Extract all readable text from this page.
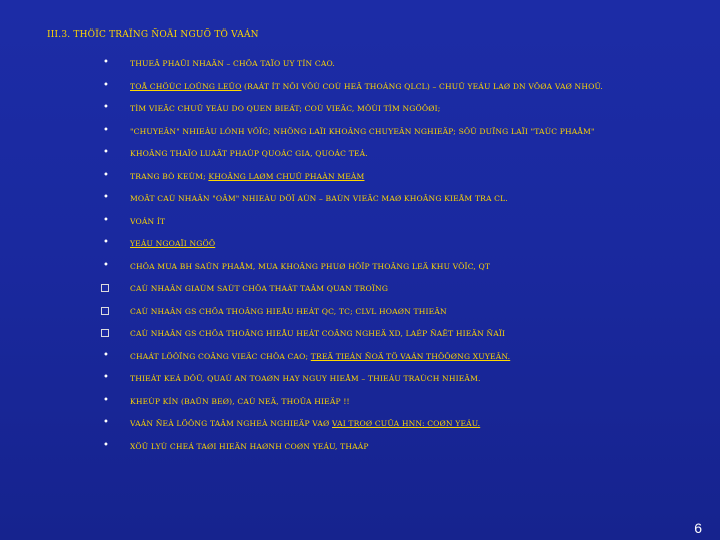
III.3. THÖÏC TRAÏNG ÑOÄI NGUÕ TÖ VAÁN
•	THUEÂ PHAÛI NHAÄN – CHÖA TAÏO UY TÍN CAO.
•	TOÅ CHÖÙC LOÛNG LEÛO (RAÁT ÍT NÔI VÔÙ COÙ HEÄ THOÁNG QLCL) – CHUÛ YEÁU LAØ DN VÖØA VAØ NHOÛ.
•	TÌM VIEÄC CHUÛ YEÁU DO QUEN BIEÁT; COÙ VIEÄC, MÔÙI TÌM NGÖÔØI;
•	"CHUYEÂN" NHIEÀU LÓNH VÖÏC; NHÖNG LAÏI KHOÂNG CHUYEÂN NGHIEÄP; SÖÛ DUÏNG LAÏI "TAÙC PHAÅM"
•	KHOÂNG THAÏO LUAÄT PHAÙP QUOÁC GIA, QUOÁC TEÁ.
•	TRANG BÒ KEÙM; KHOÂNG LAØM CHUÛ PHAÀN MEÀM
•	MOÄT CAÙ NHAÂN "OÂM" NHIEÀU DÖÏ AÙN – BAÙN VIEÄC MAØ KHOÂNG KIEÅM TRA CL.
•	VOÁN ÍT
•	YEÁU NGOAÏI NGÖÕ
•	CHÖA MUA BH SAÛN PHAÅM, MUA KHOÂNG PHUØ HÔÏP THOÂNG LEÄ KHU VÖÏC, QT
CAÙ NHAÂN GIAÙM SAÙT CHÖA THAÁT TAÂM QUAN TROÏNG
CAÙ NHAÂN GS CHÖA THOÂNG HIEÅU HEÁT QC, TC; CLVL HOAØN THIEÄN
CAÙ NHAÂN GS CHÖA THOÂNG HIEÅU HEÁT COÂNG NGHEÄ XD, LAÉP ÑAËT HIEÄN ÑAÏI
•	CHAÁT LÖÔÏNG COÂNG VIEÄC CHÖA CAO; TREÃ TIEÁN ÑOÄ TÖ VAÁN THÖÔØNG XUYEÂN.
•	THIEÁT KEÁ DÔÛ, QUAÙ AN TOAØN HAY NGUY HIEÅM – THIEÁU TRAÙCH NHIEÄM.
•	KHEÙP KÍN (BAÛN BEØ), CAÙ NEÄ, THOÛA HIEÄP !!
•	VAÁN ÑEÀ LÖÔNG TAÂM NGHEÀ NGHIEÄP VAØ VAI TROØ CUÛA HNN: COØN YEÁU.
•	XÖÛ LYÙ CHEÁ TAØI HIEÄN HAØNH COØN YEÁU, THAÁP
6
